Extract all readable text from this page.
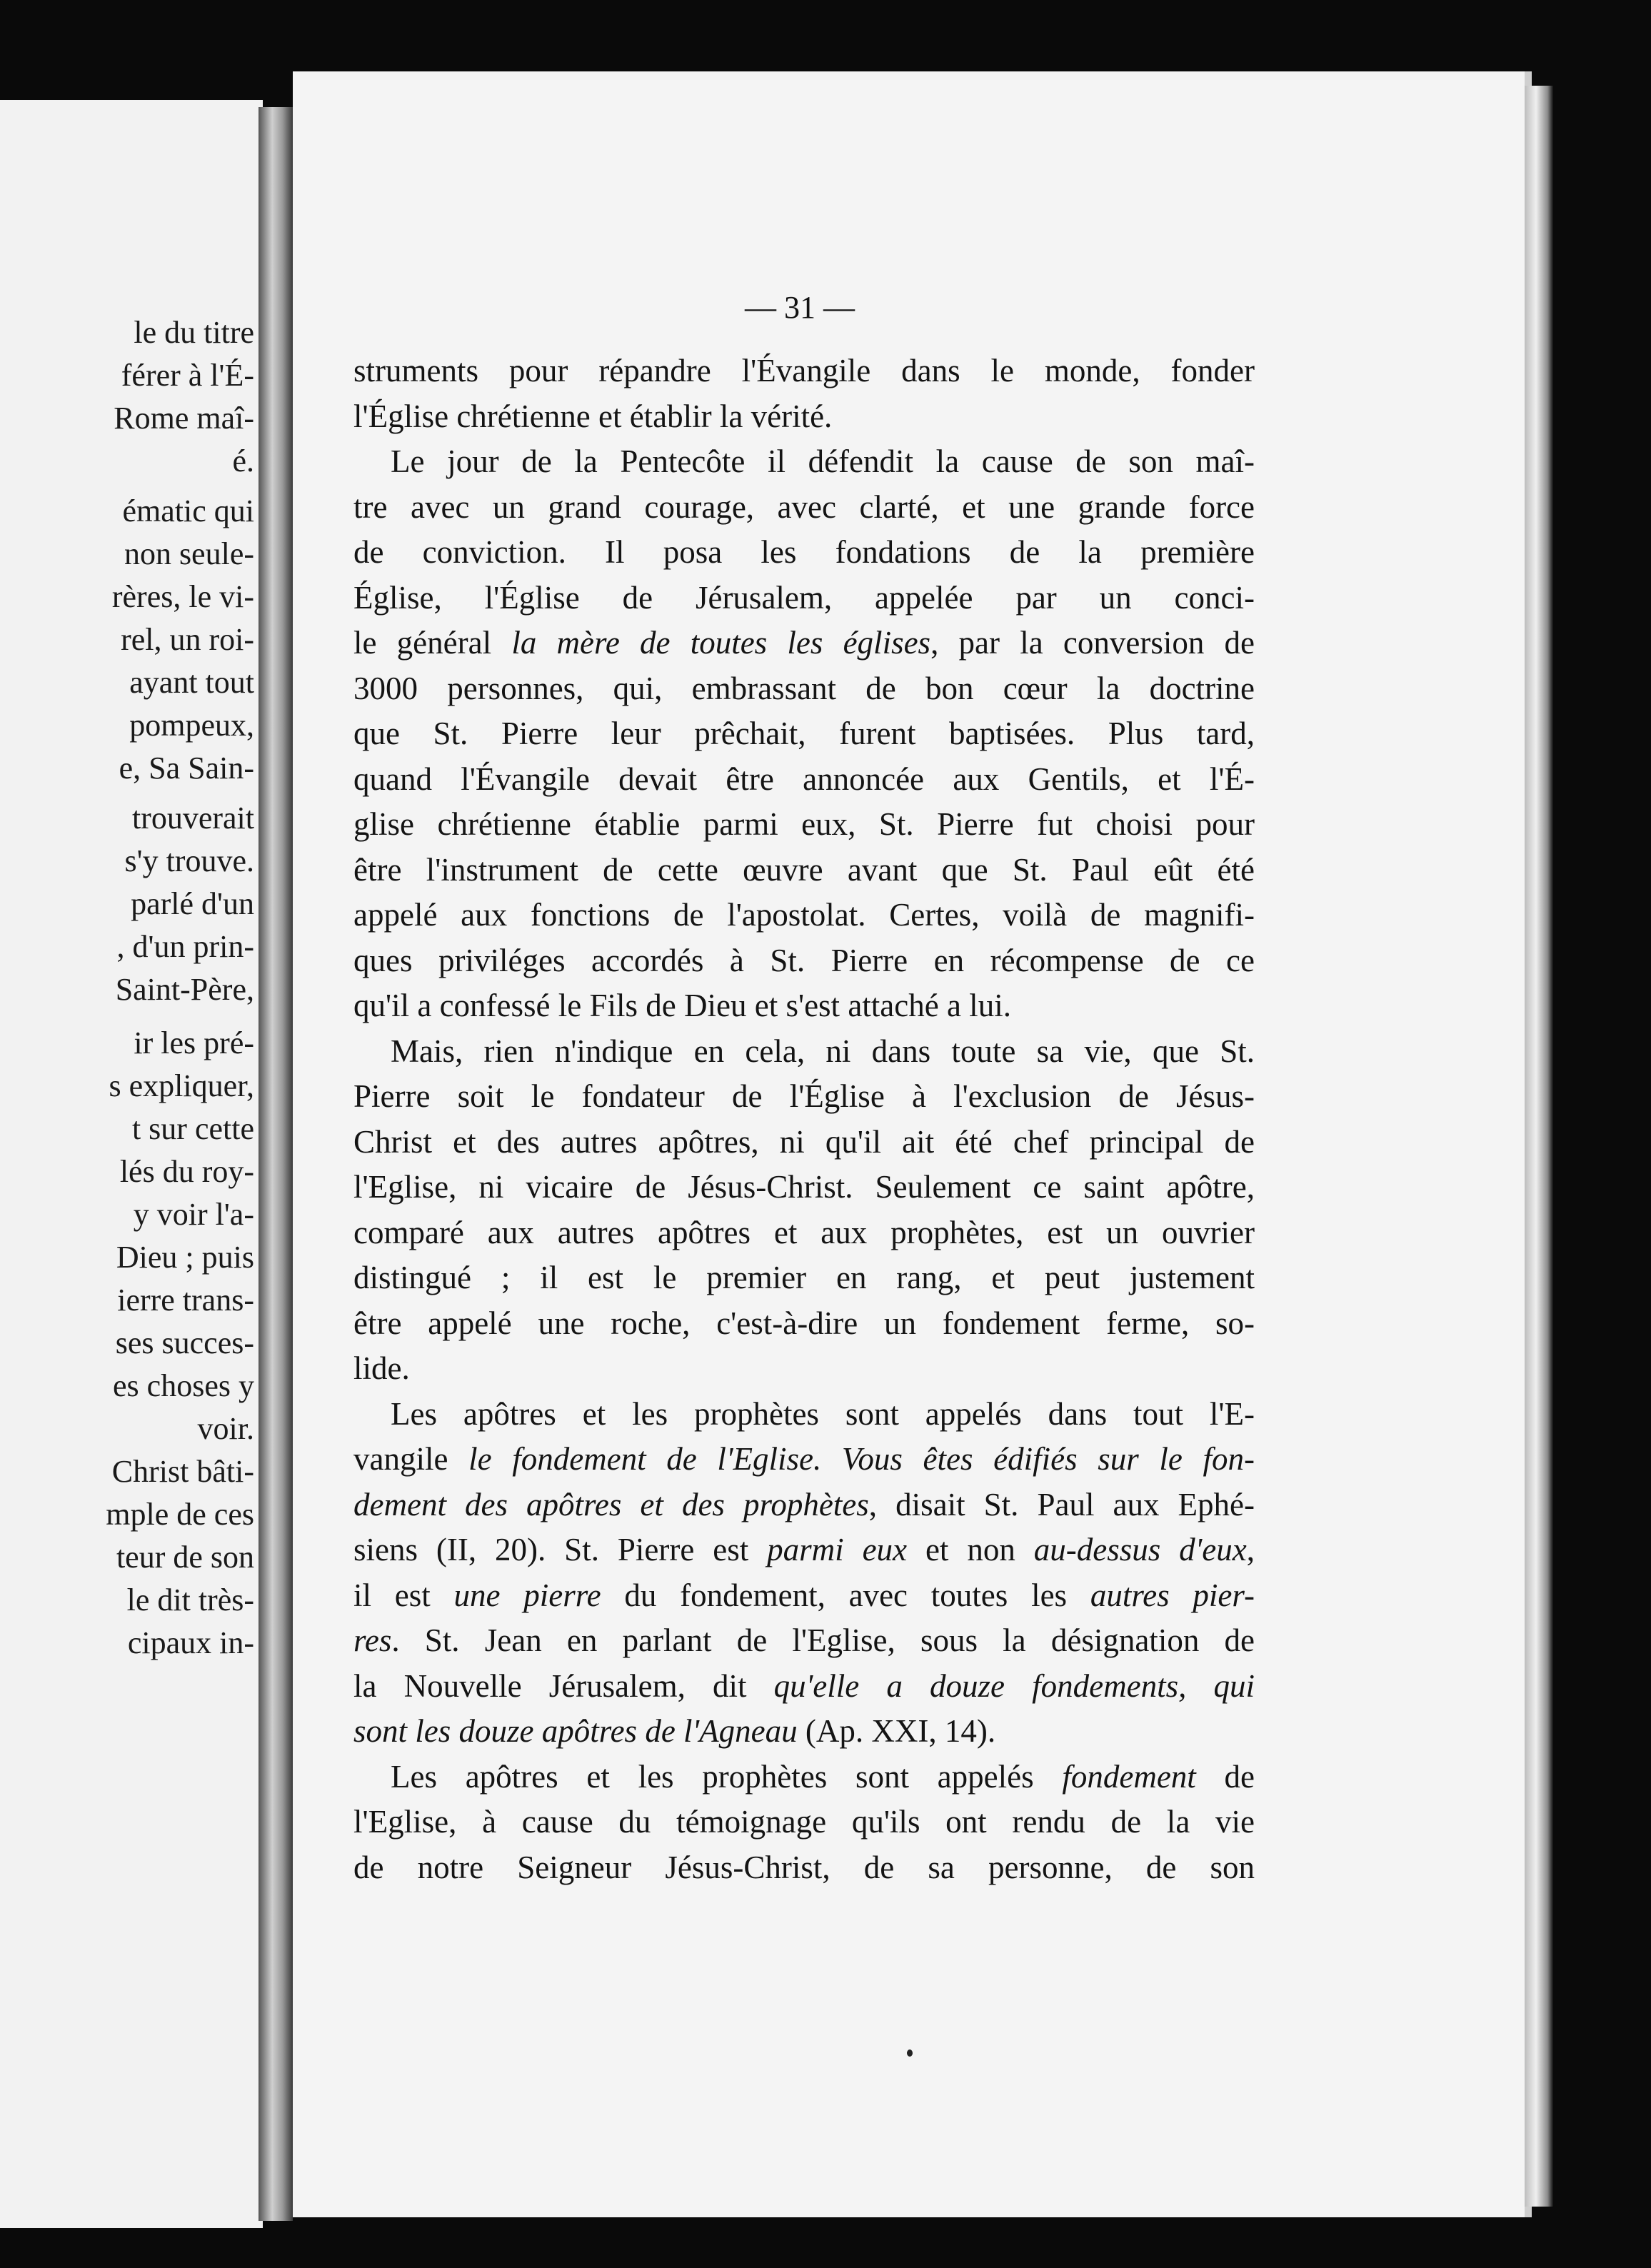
le du titre
férer à l'É-
Rome maî-
é.
ématic qui
non seule-
rères, le vi-
rel, un roi-
ayant tout
pompeux,
e, Sa Sain-
trouverait
s'y trouve.
parlé d'un
, d'un prin-
Saint-Père,
ir les pré-
s expliquer,
t sur cette
lés du roy-
y voir l'a-
Dieu ; puis
ierre trans-
ses succes-
es choses y
voir.
Christ bâti-
mple de ces
teur de son
le dit très-
cipaux in-
— 31 —
struments pour répandre l'Évangile dans le monde, fonder
l'Église chrétienne et établir la vérité.
Le jour de la Pentecôte il défendit la cause de son maî-
tre avec un grand courage, avec clarté, et une grande force
de conviction. Il posa les fondations de la première
Église, l'Église de Jérusalem, appelée par un conci-
le général la mère de toutes les églises, par la conversion de
3000 personnes, qui, embrassant de bon cœur la doctrine
que St. Pierre leur prêchait, furent baptisées. Plus tard,
quand l'Évangile devait être annoncée aux Gentils, et l'É-
glise chrétienne établie parmi eux, St. Pierre fut choisi pour
être l'instrument de cette œuvre avant que St. Paul eût été
appelé aux fonctions de l'apostolat. Certes, voilà de magnifi-
ques priviléges accordés à St. Pierre en récompense de ce
qu'il a confessé le Fils de Dieu et s'est attaché a lui.
Mais, rien n'indique en cela, ni dans toute sa vie, que St.
Pierre soit le fondateur de l'Église à l'exclusion de Jésus-
Christ et des autres apôtres, ni qu'il ait été chef principal de
l'Eglise, ni vicaire de Jésus-Christ. Seulement ce saint apôtre,
comparé aux autres apôtres et aux prophètes, est un ouvrier
distingué ; il est le premier en rang, et peut justement
être appelé une roche, c'est-à-dire un fondement ferme, so-
lide.
Les apôtres et les prophètes sont appelés dans tout l'E-
vangile le fondement de l'Eglise. Vous êtes édifiés sur le fon-
dement des apôtres et des prophètes, disait St. Paul aux Ephé-
siens (II, 20). St. Pierre est parmi eux et non au-dessus d'eux,
il est une pierre du fondement, avec toutes les autres pier-
res. St. Jean en parlant de l'Eglise, sous la désignation de
la Nouvelle Jérusalem, dit qu'elle a douze fondements, qui
sont les douze apôtres de l'Agneau (Ap. XXI, 14).
Les apôtres et les prophètes sont appelés fondement de
l'Eglise, à cause du témoignage qu'ils ont rendu de la vie
de notre Seigneur Jésus-Christ, de sa personne, de son
